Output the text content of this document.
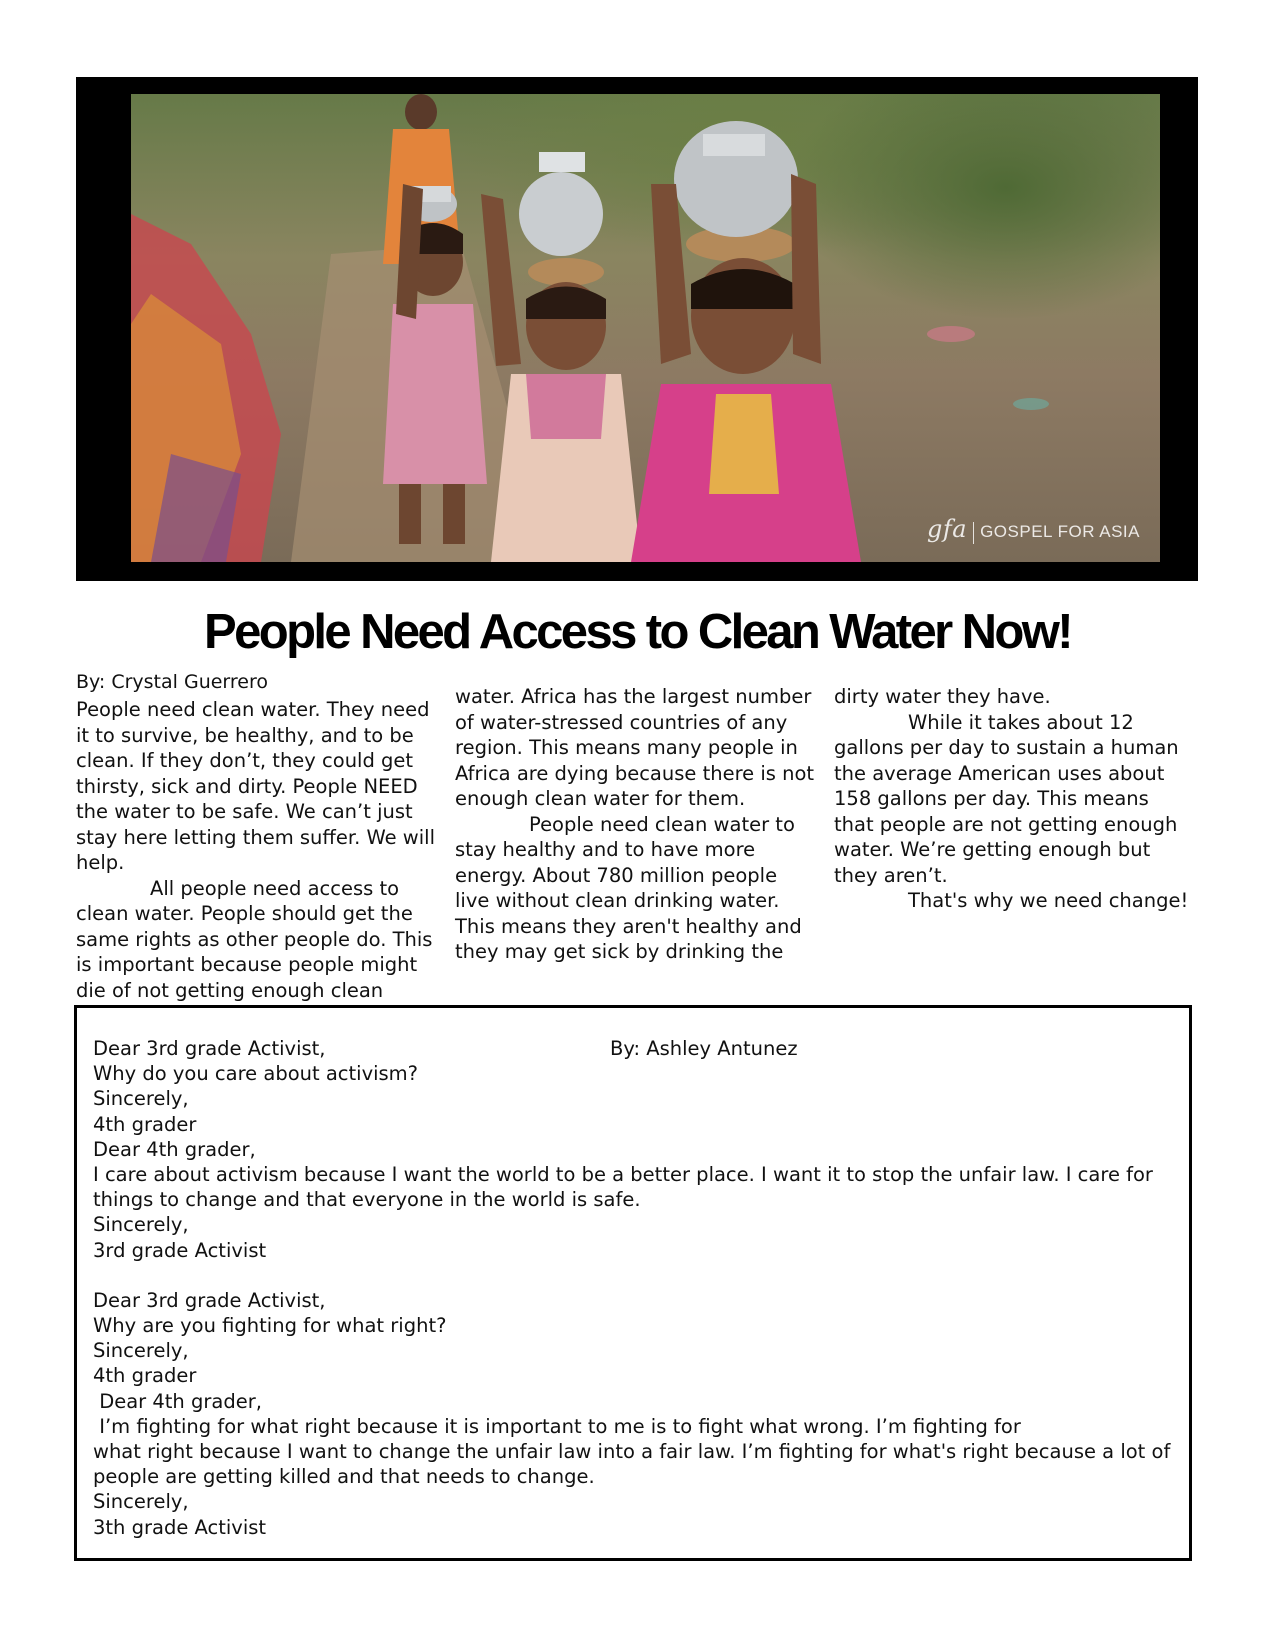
gfa GOSPEL FOR ASIA
People Need Access to Clean Water Now!
By: Crystal Guerrero

People need clean water. They need it to survive, be healthy, and to be clean. If they don’t, they could get thirsty, sick and dirty. People NEED the water to be safe. We can’t just stay here letting them suffer. We will help.

All people need access to clean water. People should get the same rights as other people do. This is important because people might die of not getting enough clean

water. Africa has the largest number of water-stressed countries of any region. This means many people in Africa are dying because there is not enough clean water for them.

People need clean water to stay healthy and to have more energy. About 780 million people live without clean drinking water. This means they aren't healthy and they may get sick by drinking the

dirty water they have.

While it takes about 12 gallons per day to sustain a human the average American uses about 158 gallons per day. This means that people are not getting enough water. We’re getting enough but they aren’t.

That's why we need change!

By: Ashley Antunez
Dear 3rd grade Activist,
Why do you care about activism?
Sincerely,
4th grader
Dear 4th grader,
I care about activism because I want the world to be a better place. I want it to stop the unfair law. I care for things to change and that everyone in the world is safe.
Sincerely,
3rd grade Activist
Dear 3rd grade Activist,
Why are you fighting for what right?
Sincerely,
4th grader
Dear 4th grader,
I’m fighting for what right because it is important to me is to fight what wrong. I’m fighting for
what right because I want to change the unfair law into a fair law. I’m fighting for what's right because a lot of people are getting killed and that needs to change.
Sincerely,
3th grade Activist
